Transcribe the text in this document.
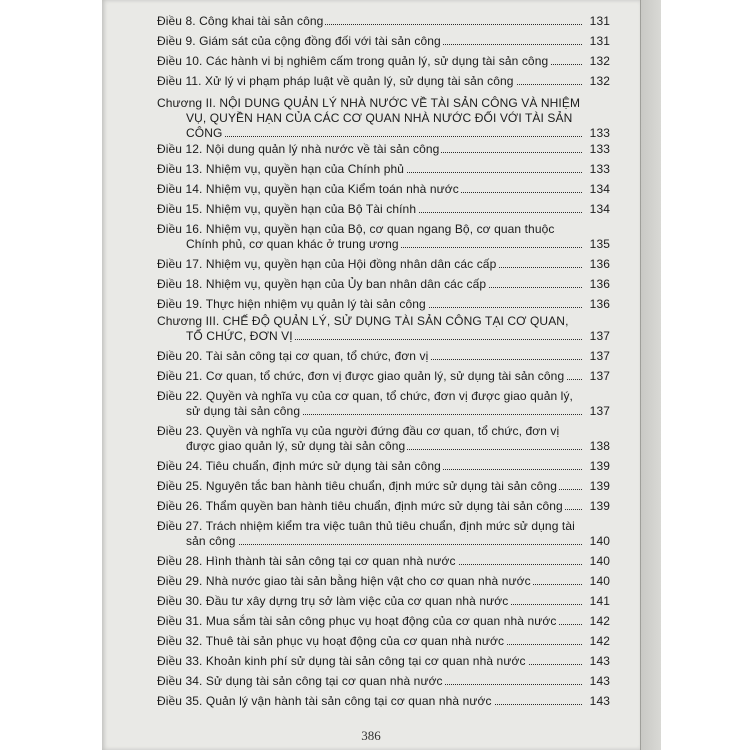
Điều 8. Công khai tài sản công	131
Điều 9. Giám sát của cộng đồng đối với tài sản công	131
Điều 10. Các hành vi bị nghiêm cấm trong quản lý, sử dụng tài sản công	132
Điều 11. Xử lý vi phạm pháp luật về quản lý, sử dụng tài sản công	132
Chương II. NỘI DUNG QUẢN LÝ NHÀ NƯỚC VỀ TÀI SẢN CÔNG VÀ NHIỆM
VỤ, QUYỀN HẠN CỦA CÁC CƠ QUAN NHÀ NƯỚC ĐỐI VỚI TÀI SẢN
CÔNG	133
Điều 12. Nội dung quản lý nhà nước về tài sản công	133
Điều 13. Nhiệm vụ, quyền hạn của Chính phủ	133
Điều 14. Nhiệm vụ, quyền hạn của Kiểm toán nhà nước	134
Điều 15. Nhiệm vụ, quyền hạn của Bộ Tài chính	134
Điều 16. Nhiệm vụ, quyền hạn của Bộ, cơ quan ngang Bộ, cơ quan thuộc
Chính phủ, cơ quan khác ở trung ương	135
Điều 17. Nhiệm vụ, quyền hạn của Hội đồng nhân dân các cấp	136
Điều 18. Nhiệm vụ, quyền hạn của Ủy ban nhân dân các cấp	136
Điều 19. Thực hiện nhiệm vụ quản lý tài sản công	136
Chương III. CHẾ ĐỘ QUẢN LÝ, SỬ DỤNG TÀI SẢN CÔNG TẠI CƠ QUAN,
TỔ CHỨC, ĐƠN VỊ	137
Điều 20. Tài sản công tại cơ quan, tổ chức, đơn vị	137
Điều 21. Cơ quan, tổ chức, đơn vị được giao quản lý, sử dụng tài sản công	137
Điều 22. Quyền và nghĩa vụ của cơ quan, tổ chức, đơn vị được giao quản lý,
sử dụng tài sản công	137
Điều 23. Quyền và nghĩa vụ của người đứng đầu cơ quan, tổ chức, đơn vị
được giao quản lý, sử dụng tài sản công	138
Điều 24. Tiêu chuẩn, định mức sử dụng tài sản công	139
Điều 25. Nguyên tắc ban hành tiêu chuẩn, định mức sử dụng tài sản công	139
Điều 26. Thẩm quyền ban hành tiêu chuẩn, định mức sử dụng tài sản công	139
Điều 27. Trách nhiệm kiểm tra việc tuân thủ tiêu chuẩn, định mức sử dụng tài
sản công	140
Điều 28. Hình thành tài sản công tại cơ quan nhà nước	140
Điều 29. Nhà nước giao tài sản bằng hiện vật cho cơ quan nhà nước	140
Điều 30. Đầu tư xây dựng trụ sở làm việc của cơ quan nhà nước	141
Điều 31. Mua sắm tài sản công phục vụ hoạt động của cơ quan nhà nước	142
Điều 32. Thuê tài sản phục vụ hoạt động của cơ quan nhà nước	142
Điều 33. Khoản kinh phí sử dụng tài sản công tại cơ quan nhà nước	143
Điều 34. Sử dụng tài sản công tại cơ quan nhà nước	143
Điều 35. Quản lý vận hành tài sản công tại cơ quan nhà nước	143
386
